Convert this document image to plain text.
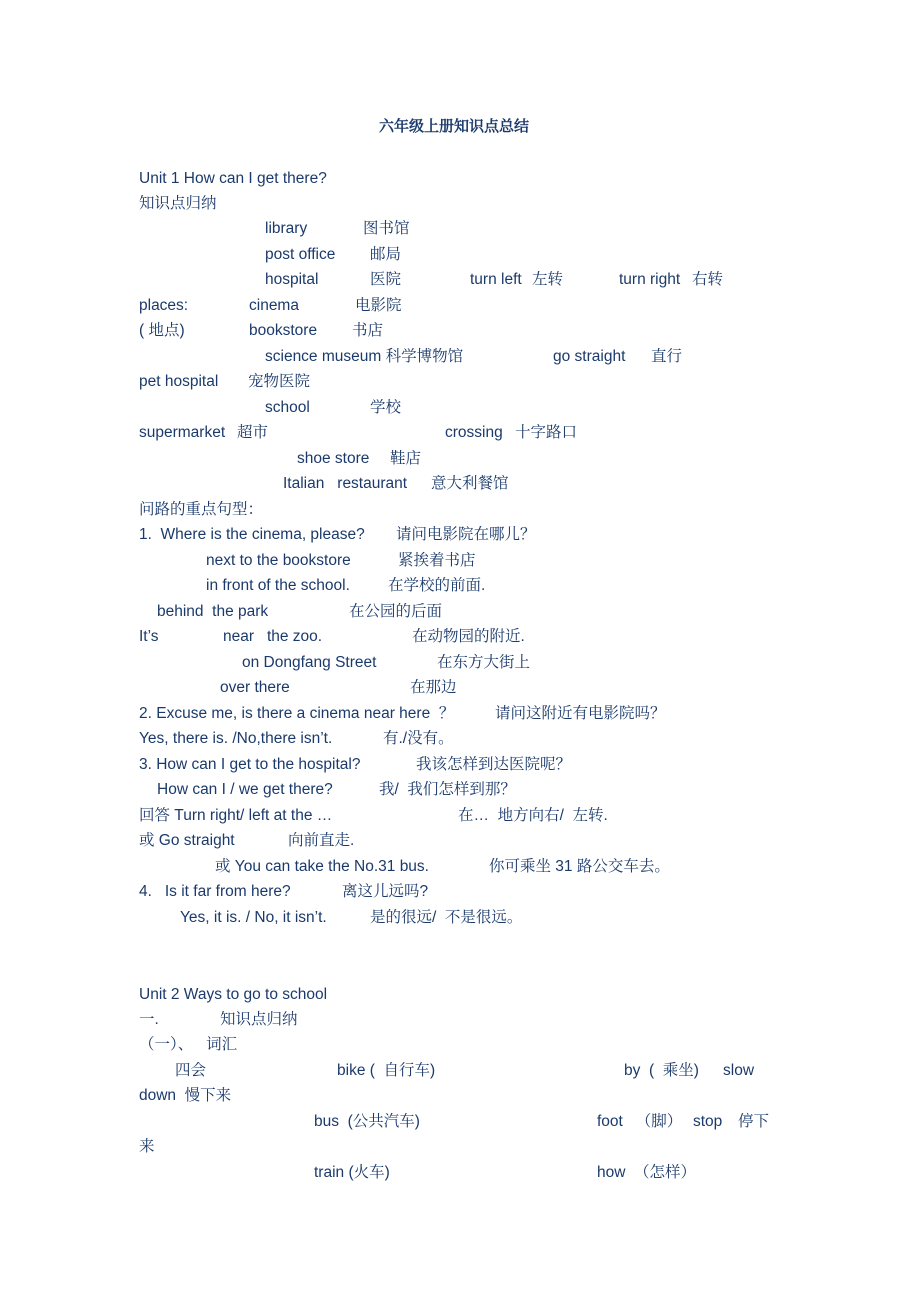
六年级上册知识点总结
Unit 1 How can I get there?
知识点归纳
library	图书馆
post office 邮局
hospital	医院	turn left 左转	turn right 右转
places:	cinema	电影院
( 地点)	bookstore 书店
science museum 科学博物馆	go straight 直行
pet hospital 宠物医院
school	学校
supermarket 超市	crossing 十字路口
shoe store 鞋店
Italian   restaurant 意大利餐馆
问路的重点句型：
1.  Where is the cinema, please? 请问电影院在哪儿？
next to the bookstore	紧挨着书店
in front of the school. 在学校的前面.
behind  the park	在公园的后面
It’s	near   the zoo.	在动物园的附近.
on Dongfang Street	在东方大街上
over there	在那边
2. Excuse me, is there a cinema near here  ？	请问这附近有电影院吗？
Yes, there is. /No,there isn’t.	有./没有。
3. How can I get to the hospital?	我该怎样到达医院呢？
How can I / we get there?	我/  我们怎样到那？
回答 Turn right/ left at the …	在…  地方向右/  左转.
或 Go straight	向前直走.
或 You can take the No.31 bus.	你可乘坐 31 路公交车去。
4.   Is it far from here?	离这儿远吗?
Yes, it is. / No, it isn’t.	是的很远/  不是很远。
Unit 2 Ways to go to school
一.	知识点归纳
（一）、   词汇
四会	bike (  自行车)	by  (  乘坐) slow
down  慢下来
bus  (公共汽车)	foot   （脚） stop 停下
来
train (火车)	how  （怎样）
